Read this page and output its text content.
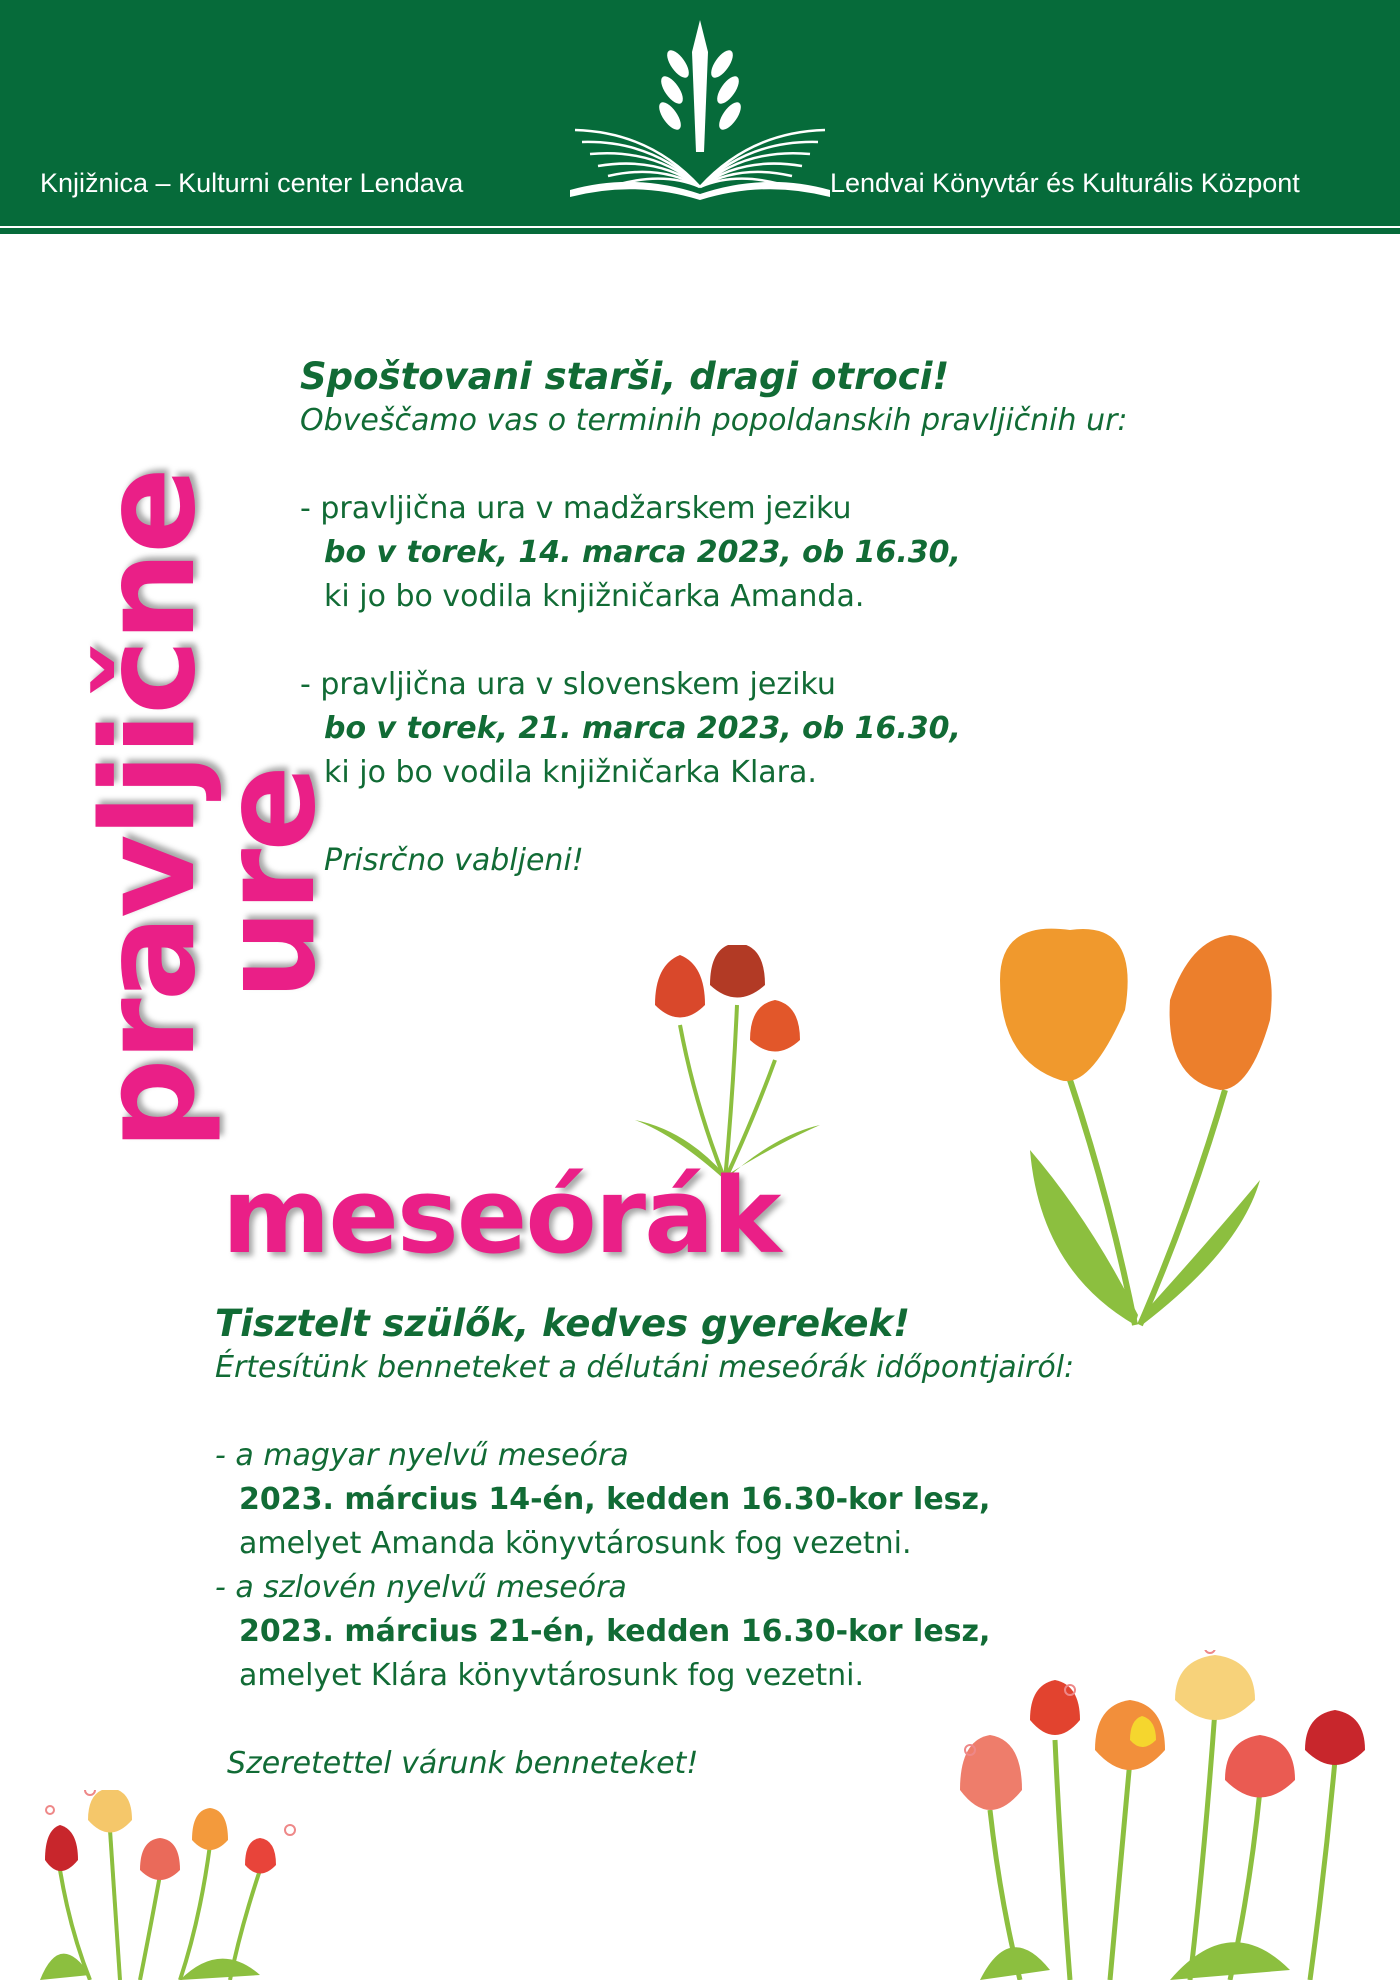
Knjižnica – Kulturni center Lendava	Lendvai Könyvtár és Kulturális Központ
pravljične
ure

Spoštovani starši, dragi otroci!

Obveščamo vas o terminih popoldanskih pravljičnih ur:

- pravljična ura v madžarskem jeziku

bo v torek, 14. marca 2023, ob 16.30,

ki jo bo vodila knjižničarka Amanda.

- pravljična ura v slovenskem jeziku

bo v torek, 21. marca 2023, ob 16.30,

ki jo bo vodila knjižničarka Klara.

Prisrčno vabljeni!

meseórák

Tisztelt szülők, kedves gyerekek!

Értesítünk benneteket a délutáni meseórák időpontjairól:

- a magyar nyelvű meseóra

2023. március 14-én, kedden 16.30-kor lesz,

amelyet Amanda könyvtárosunk fog vezetni.

- a szlovén nyelvű meseóra

2023. március 21-én, kedden 16.30-kor lesz,

amelyet Klára könyvtárosunk fog vezetni.

Szeretettel várunk benneteket!
